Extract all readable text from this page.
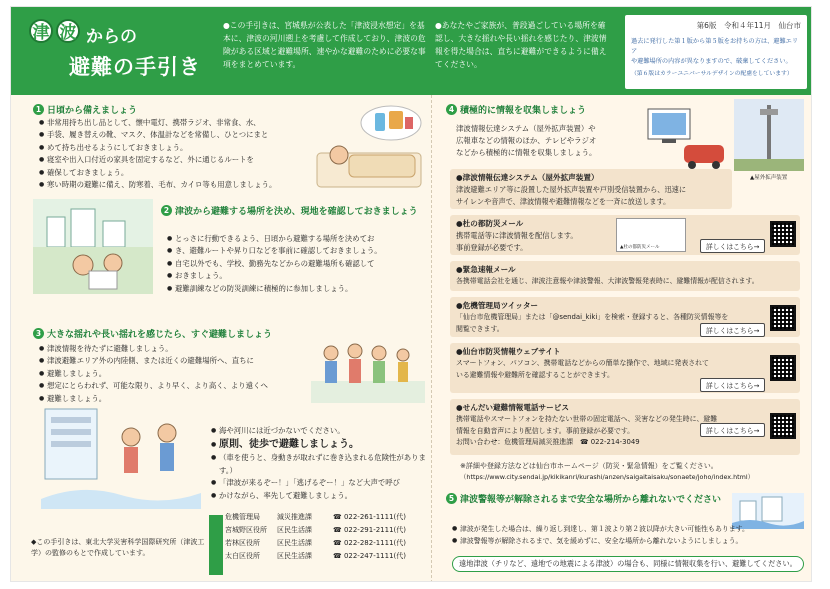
津 波 からの
避難の手引き
●この手引きは、宮城県が公表した「津波浸水想定」を基本に、津波の河川遡上を考慮して作成しており、津波の危険がある区域と避難場所、速やかな避難のために必要な事項をまとめています。
●あなたやご家族が、普段過ごしている場所を確認し、大きな揺れや長い揺れを感じたり、津波情報を得た場合は、直ちに避難ができるように備えてください。
第6版　令和４年11月　仙台市
過去に発行した第１版から第５版をお持ちの方は、避難エリア
や避難場所の内容が異なりますので、破棄してください。
（第６版はカラーユニバーサルデザインの配慮をしています）
1 日頃から備えましょう
● 非常用持ち出し品として、懐中電灯、携帯ラジオ、非常食、水、
● 手袋、履き替えの靴、マスク、体温計などを常備し、ひとつにまと
● めて持ち出せるようにしておきましょう。
● 寝室や出入口付近の家具を固定するなど、外に通じるルートを
● 確保しておきましょう。
● 寒い時期の避難に備え、防寒着、毛布、カイロ等も用意しましょう。
2 津波から避難する場所を決め、現地を確認しておきましょう
● とっさに行動できるよう、日頃から避難する場所を決めてお
● き、避難ルートや昇り口などを事前に確認しておきましょう。
● 自宅以外でも、学校、勤務先などからの避難場所も確認して
● おきましょう。
● 避難訓練などの防災訓練に積極的に参加しましょう。
3 大きな揺れや長い揺れを感じたら、すぐ避難しましょう
● 津波情報を待たずに避難しましょう。
● 津波避難エリア外の内陸側、または近くの避難場所へ、直ちに
● 避難しましょう。
● 想定にとらわれず、可能な限り、より早く、より高く、より遠くへ
● 避難しましょう。
● 海や河川には近づかないでください。
● 原則、徒歩で避難しましょう。
● （車を使うと、身動きが取れずに巻き込まれる危険性があります。）
● 「津波が来るぞー！」「逃げるぞー！」など大声で呼び
● かけながら、率先して避難しましょう。
◆この手引きは、東北大学災害科学国際研究所（津波工学）の監修のもとで作成しています。
危機管理局	減災推進課	☎ 022-261-1111(代)
宮城野区役所	区民生活課	☎ 022-291-2111(代)
若林区役所	区民生活課	☎ 022-282-1111(代)
太白区役所	区民生活課	☎ 022-247-1111(代)
4 積極的に情報を収集しましょう
津波情報伝達システム（屋外拡声装置）や
広報車などの情報のほか、テレビやラジオ
などから積極的に情報を収集しましょう。
▲屋外拡声装置
●津波情報伝達システム（屋外拡声装置）
津波避難エリア等に設置した屋外拡声装置や戸別受信装置から、迅速に
サイレンや音声で、津波情報や避難情報などを一斉に放送します。
●杜の都防災メール
携帯電話等に津波情報を配信します。
事前登録が必要です。	▲杜の都防災メール	詳しくはこちら→
●緊急速報メール
各携帯電話会社を通じ、津波注意報や津波警報、大津波警報発表時に、避難情報が配信されます。
●危機管理局ツイッター
「仙台市危機管理局」または「@sendai_kiki」を検索・登録すると、各種防災情報等を
閲覧できます。	詳しくはこちら→
●仙台市防災情報ウェブサイト
スマートフォン、パソコン、携帯電話などからの簡単な操作で、地域に発表されて
いる避難情報や避難所を確認することができます。
詳しくはこちら→
●せんだい避難情報電話サービス
携帯電話やスマートフォンを持たない世帯の固定電話へ、災害などの発生時に、避難
情報を自動音声により配信します。事前登録が必要です。
お問い合わせ：危機管理局減災推進課　☎ 022-214-3049
詳しくはこちら→
※詳細や登録方法などは仙台市ホームページ（防災・緊急情報）をご覧ください。
（https://www.city.sendai.jp/kikikanri/kurashi/anzen/saigaitaisaku/sonaete/joho/index.html）
5 津波警報等が解除されるまで安全な場所から離れないでください
● 津波が発生した場合は、繰り返し到達し、第１波より第２波以降が大きい可能性もあります。
● 津波警報等が解除されるまで、気を緩めずに、安全な場所から離れないようにしましょう。
遠地津波（チリなど、遠地での地震による津波）の場合も、同様に情報収集を行い、避難してください。
